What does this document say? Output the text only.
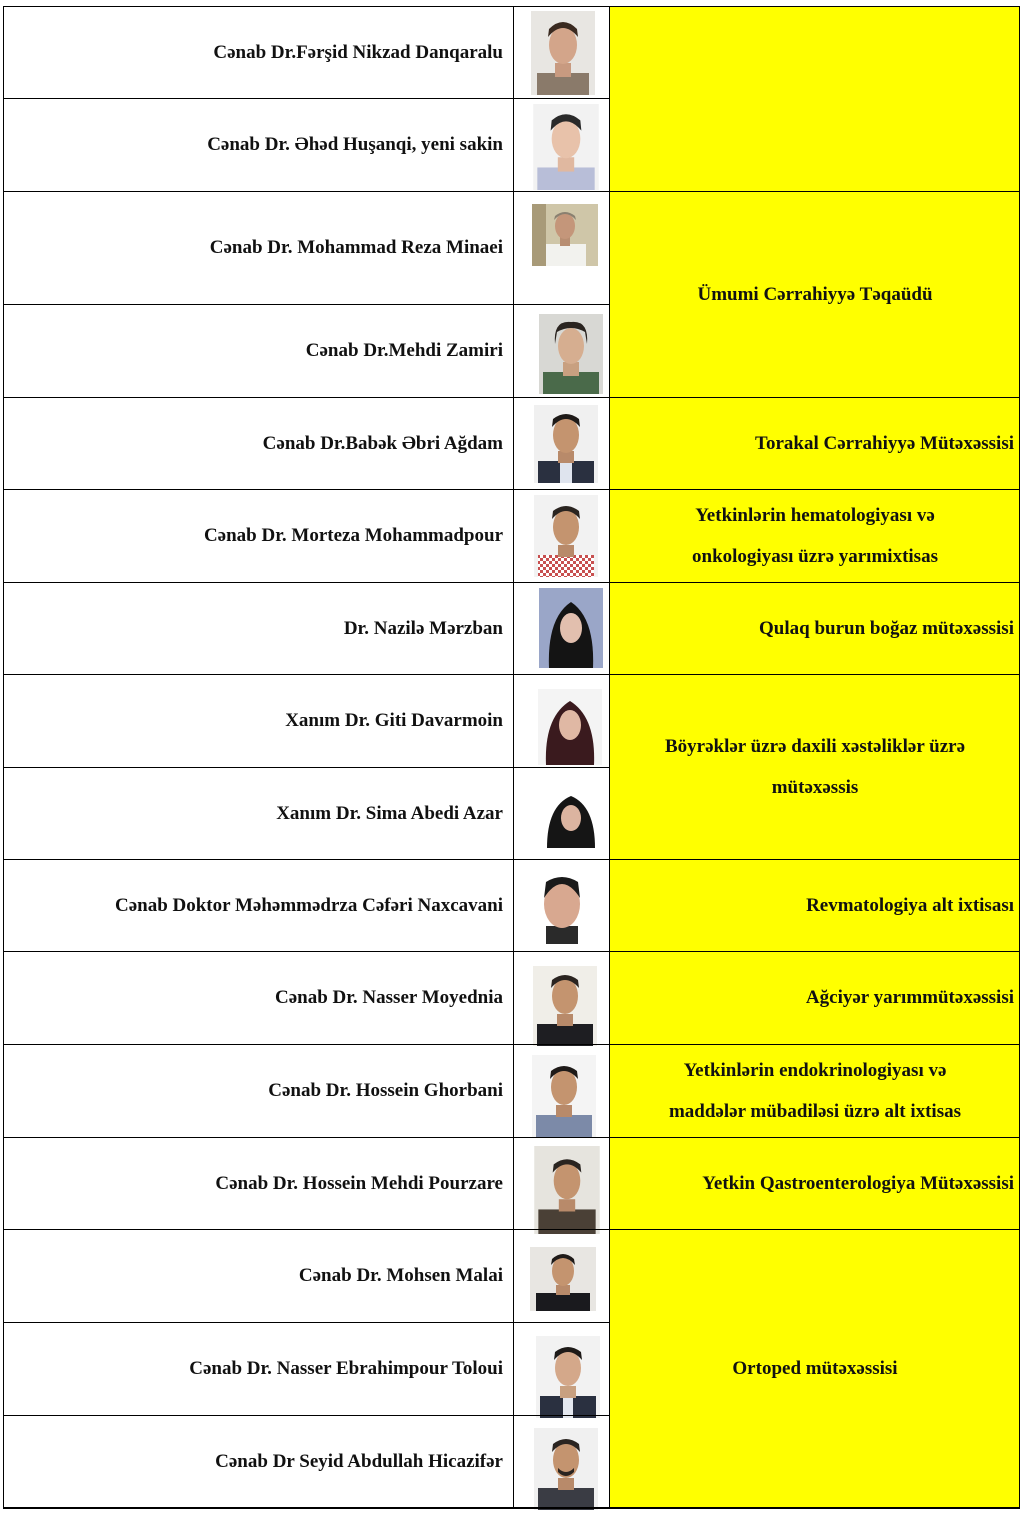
Ümumi Cərrahiyyə Təqaüdü
Torakal Cərrahiyyə Mütəxəssisi
Yetkinlərin hematologiyası və
onkologiyası üzrə yarımixtisas
Qulaq burun boğaz mütəxəssisi
Böyrəklər üzrə daxili xəstəliklər üzrə
mütəxəssis
Revmatologiya alt ixtisası
Ağciyər yarımmütəxəssisi
Yetkinlərin endokrinologiyası və
maddələr mübadiləsi üzrə alt ixtisas
Yetkin Qastroenterologiya Mütəxəssisi
Ortoped mütəxəssisi
Cənab Dr.Fərşid Nikzad Danqaralu
Cənab Dr. Əhəd Huşanqi, yeni sakin
Cənab Dr. Mohammad Reza Minaei
Cənab Dr.Mehdi Zamiri
Cənab Dr.Babək Əbri Ağdam
Cənab Dr. Morteza Mohammadpour
Dr. Nazilə Mərzban
Xanım Dr. Giti Davarmoin
Xanım Dr. Sima Abedi Azar
Cənab Doktor Məhəmmədrza Cəfəri Naxcavani
Cənab Dr. Nasser Moyednia
Cənab Dr. Hossein Ghorbani
Cənab Dr. Hossein Mehdi Pourzare
Cənab Dr. Mohsen Malai
Cənab Dr. Nasser Ebrahimpour Toloui
Cənab Dr Seyid Abdullah Hicazifər
